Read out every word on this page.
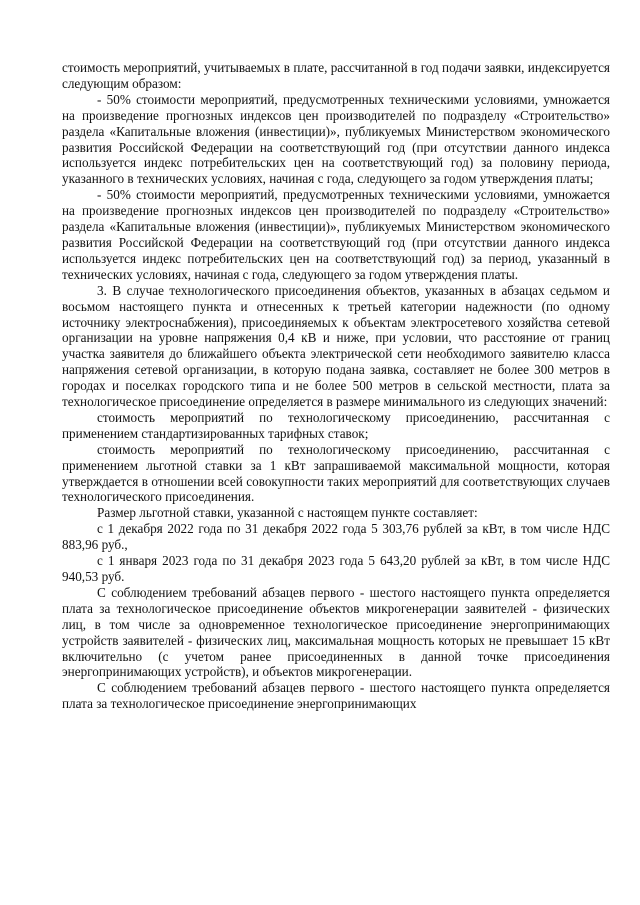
стоимость мероприятий, учитываемых в плате, рассчитанной в год подачи заявки, индексируется следующим образом:

- 50% стоимости мероприятий, предусмотренных техническими условиями, умножается на произведение прогнозных индексов цен производителей по подразделу «Строительство» раздела «Капитальные вложения (инвестиции)», публикуемых Министерством экономического развития Российской Федерации на соответствующий год (при отсутствии данного индекса используется индекс потребительских цен на соответствующий год) за половину периода, указанного в технических условиях, начиная с года, следующего за годом утверждения платы;

- 50% стоимости мероприятий, предусмотренных техническими условиями, умножается на произведение прогнозных индексов цен производителей по подразделу «Строительство» раздела «Капитальные вложения (инвестиции)», публикуемых Министерством экономического развития Российской Федерации на соответствующий год (при отсутствии данного индекса используется индекс потребительских цен на соответствующий год) за период, указанный в технических условиях, начиная с года, следующего за годом утверждения платы.

3. В случае технологического присоединения объектов, указанных в абзацах седьмом и восьмом настоящего пункта и отнесенных к третьей категории надежности (по одному источнику электроснабжения), присоединяемых к объектам электросетевого хозяйства сетевой организации на уровне напряжения 0,4 кВ и ниже, при условии, что расстояние от границ участка заявителя до ближайшего объекта электрической сети необходимого заявителю класса напряжения сетевой организации, в которую подана заявка, составляет не более 300 метров в городах и поселках городского типа и не более 500 метров в сельской местности, плата за технологическое присоединение определяется в размере минимального из следующих значений:

стоимость мероприятий по технологическому присоединению, рассчитанная с применением стандартизированных тарифных ставок;

стоимость мероприятий по технологическому присоединению, рассчитанная с применением льготной ставки за 1 кВт запрашиваемой максимальной мощности, которая утверждается в отношении всей совокупности таких мероприятий для соответствующих случаев технологического присоединения.

Размер льготной ставки, указанной с настоящем пункте составляет:

с 1 декабря 2022 года по 31 декабря 2022 года 5 303,76 рублей за кВт, в том числе НДС 883,96 руб.,

с 1 января 2023 года по 31 декабря 2023 года 5 643,20 рублей за кВт, в том числе НДС 940,53 руб.

С соблюдением требований абзацев первого - шестого настоящего пункта определяется плата за технологическое присоединение объектов микрогенерации заявителей - физических лиц, в том числе за одновременное технологическое присоединение энергопринимающих устройств заявителей - физических лиц, максимальная мощность которых не превышает 15 кВт включительно (с учетом ранее присоединенных в данной точке присоединения энергопринимающих устройств), и объектов микрогенерации.

С соблюдением требований абзацев первого - шестого настоящего пункта определяется плата за технологическое присоединение энергопринимающих
